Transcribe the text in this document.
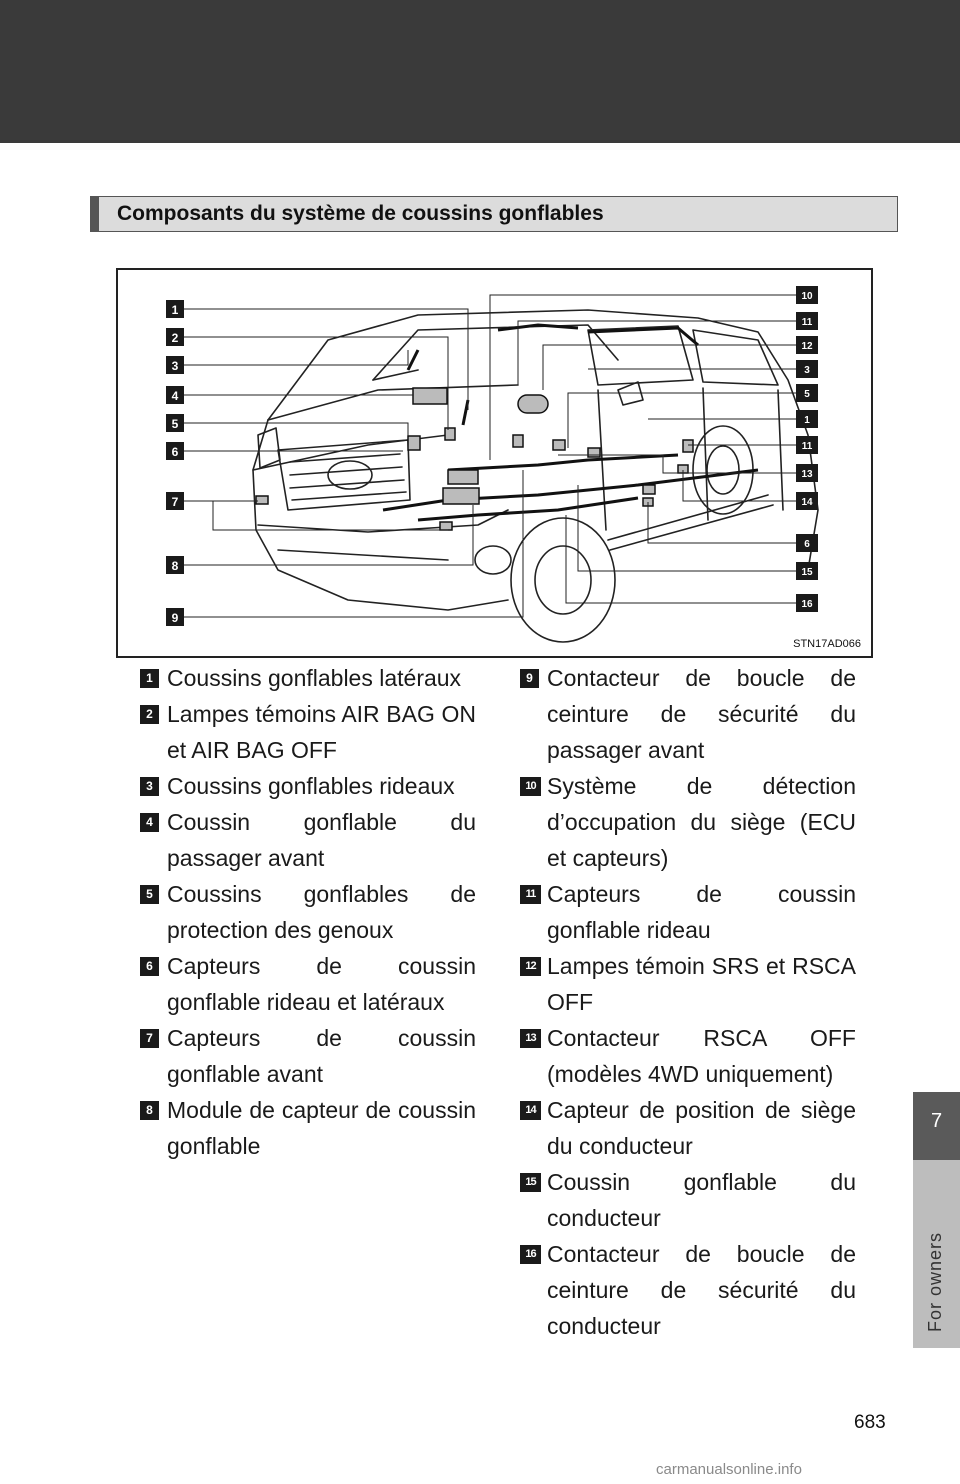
Composants du système de coussins gonflables
1
2
3
4
5
6
7
8
9
10
11
12
3
5
1
11
13
14
6
15
16
STN17AD066
1 Coussins gonflables latéraux
2 Lampes témoins AIR BAG ON et AIR BAG OFF
3 Coussins gonflables rideaux
4 Coussin gonflable du passager avant
5 Coussins gonflables de protection des genoux
6 Capteurs de coussin gonflable rideau et latéraux
7 Capteurs de coussin gonflable avant
8 Module de capteur de coussin gonflable
9 Contacteur de boucle de ceinture de sécurité du passager avant
10 Système de détection d’occupation du siège (ECU et capteurs)
11 Capteurs de coussin gonflable rideau
12 Lampes témoin SRS et RSCA OFF
13 Contacteur RSCA OFF (modèles 4WD uniquement)
14 Capteur de position de siège du conducteur
15 Coussin gonflable du conducteur
16 Contacteur de boucle de ceinture de sécurité du conducteur
7
For owners
683
carmanualsonline.info
